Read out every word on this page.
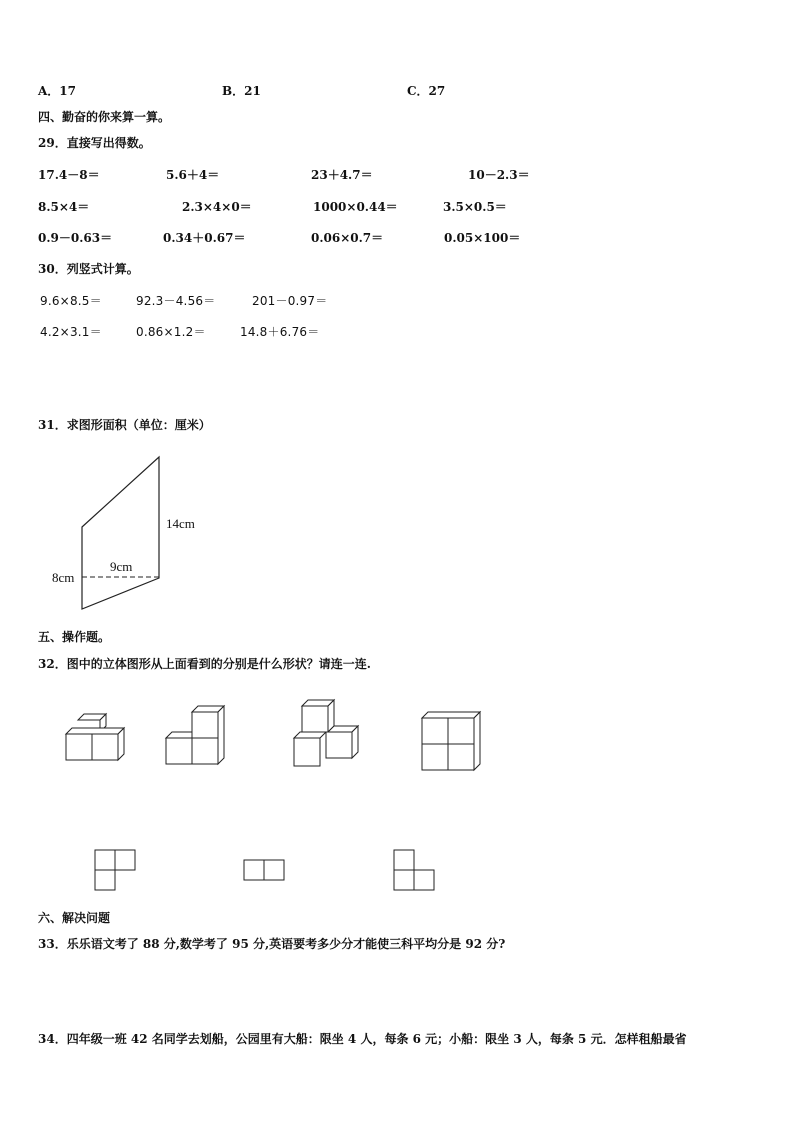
A．17	B．21	C．27
四、勤奋的你来算一算。
29．直接写出得数。
17.4－8＝	5.6＋4＝	23＋4.7＝	10－2.3＝
8.5×4＝	2.3×4×0＝	1000×0.44＝	3.5×0.5＝
0.9－0.63＝	0.34＋0.67＝	0.06×0.7＝	0.05×100＝
30．列竖式计算。
9.6×8.5＝	92.3－4.56＝	201－0.97＝
4.2×3.1＝	0.86×1.2＝	14.8＋6.76＝
31．求图形面积（单位：厘米）
14cm
8cm
9cm
五、操作题。
32．图中的立体图形从上面看到的分别是什么形状？请连一连.
六、解决问题
33．乐乐语文考了 88 分,数学考了 95 分,英语要考多少分才能使三科平均分是 92 分?
34．四年级一班 42 名同学去划船，公园里有大船：限坐 4 人，每条 6 元；小船：限坐 3 人，每条 5 元．怎样租船最省
